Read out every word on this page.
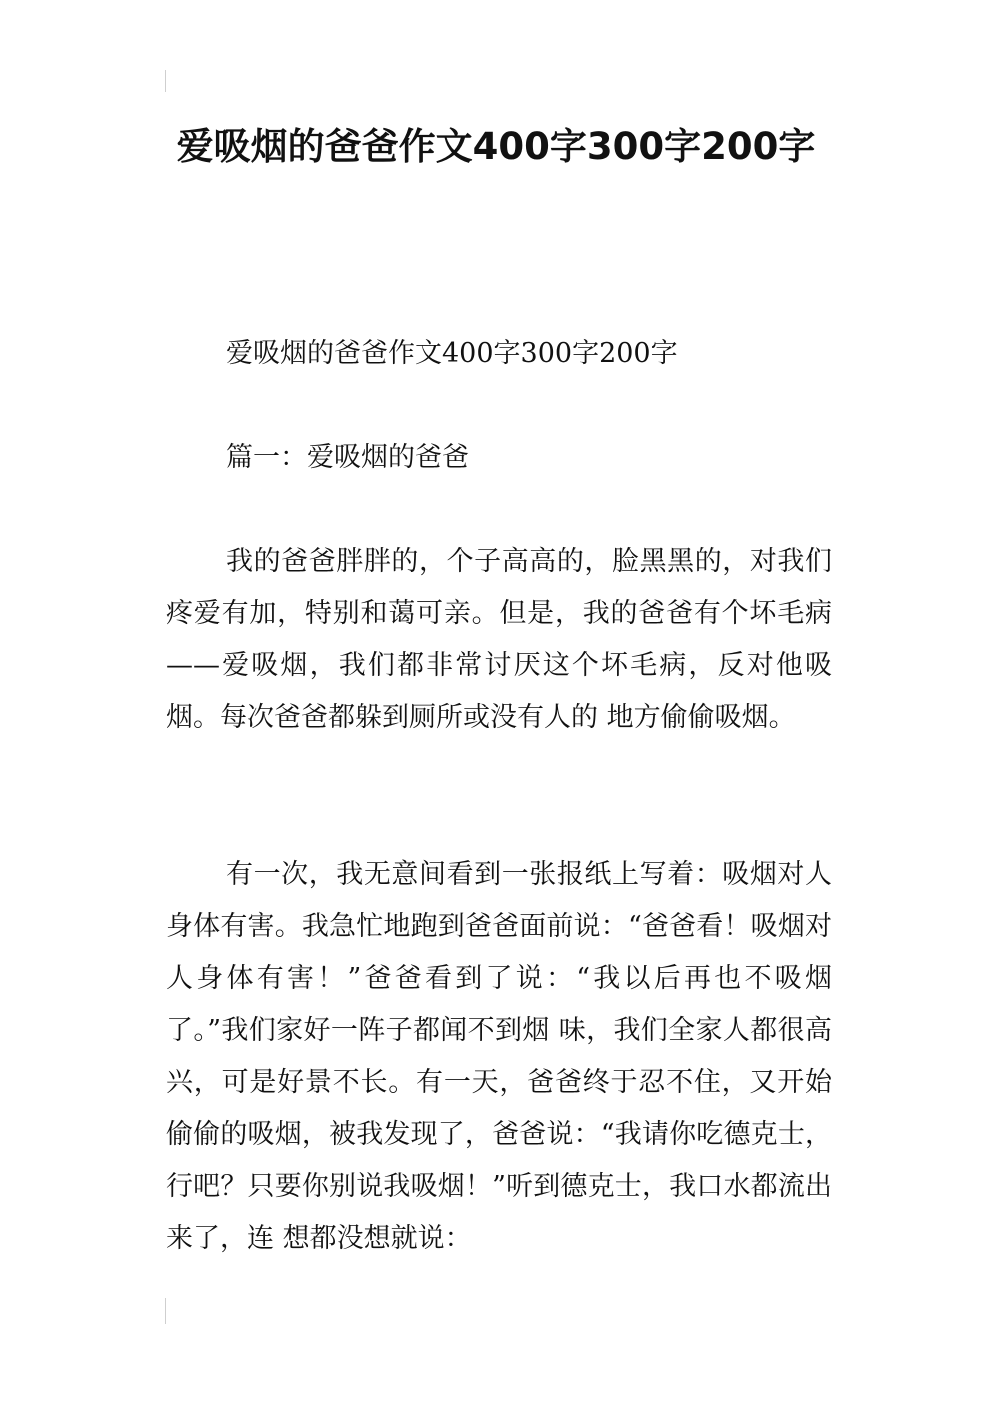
爱吸烟的爸爸作文400字300字200字

爱吸烟的爸爸作文400字300字200字

篇一：爱吸烟的爸爸

我的爸爸胖胖的，个子高高的，脸黑黑的，对我们疼爱有加，特别和蔼可亲。但是，我的爸爸有个坏毛病——爱吸烟，我们都非常讨厌这个坏毛病，反对他吸烟。每次爸爸都躲到厕所或没有人的 地方偷偷吸烟。

有一次，我无意间看到一张报纸上写着：吸烟对人身体有害。我急忙地跑到爸爸面前说：“爸爸看！吸烟对人身体有害！”爸爸看到了说：“我以后再也不吸烟了。”我们家好一阵子都闻不到烟 味，我们全家人都很高兴，可是好景不长。有一天，爸爸终于忍不住，又开始偷偷的吸烟，被我发现了，爸爸说：“我请你吃德克士，行吧？只要你别说我吸烟！”听到德克士，我口水都流出来了，连 想都没想就说：
